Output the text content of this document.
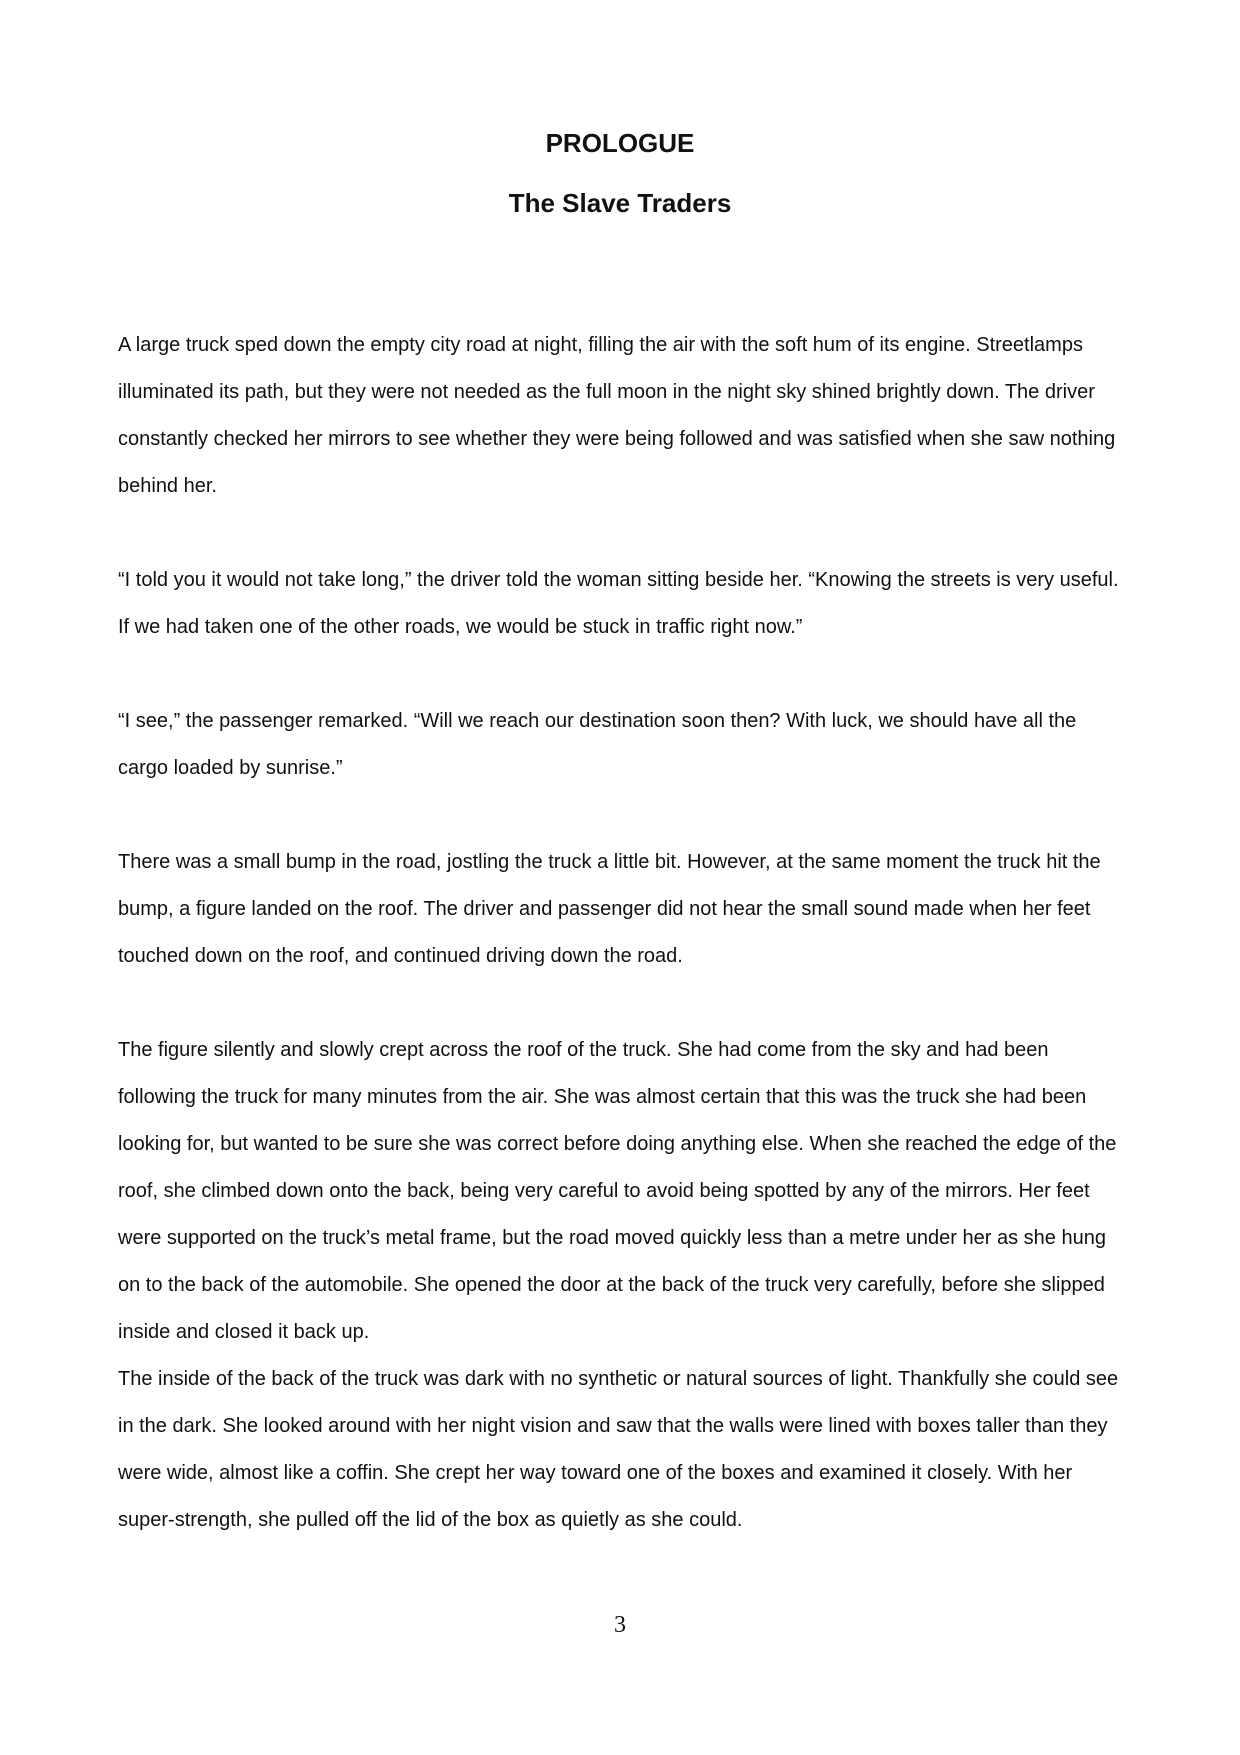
PROLOGUE
The Slave Traders

A large truck sped down the empty city road at night, filling the air with the soft hum of its engine. Streetlamps illuminated its path, but they were not needed as the full moon in the night sky shined brightly down. The driver constantly checked her mirrors to see whether they were being followed and was satisfied when she saw nothing behind her.

“I told you it would not take long,” the driver told the woman sitting beside her. “Knowing the streets is very useful. If we had taken one of the other roads, we would be stuck in traffic right now.”

“I see,” the passenger remarked. “Will we reach our destination soon then? With luck, we should have all the cargo loaded by sunrise.”

There was a small bump in the road, jostling the truck a little bit. However, at the same moment the truck hit the bump, a figure landed on the roof. The driver and passenger did not hear the small sound made when her feet touched down on the roof, and continued driving down the road.

The figure silently and slowly crept across the roof of the truck. She had come from the sky and had been following the truck for many minutes from the air. She was almost certain that this was the truck she had been looking for, but wanted to be sure she was correct before doing anything else. When she reached the edge of the roof, she climbed down onto the back, being very careful to avoid being spotted by any of the mirrors. Her feet were supported on the truck’s metal frame, but the road moved quickly less than a metre under her as she hung on to the back of the automobile. She opened the door at the back of the truck very carefully, before she slipped inside and closed it back up.

The inside of the back of the truck was dark with no synthetic or natural sources of light. Thankfully she could see in the dark. She looked around with her night vision and saw that the walls were lined with boxes taller than they were wide, almost like a coffin. She crept her way toward one of the boxes and examined it closely. With her super-strength, she pulled off the lid of the box as quietly as she could.

3
